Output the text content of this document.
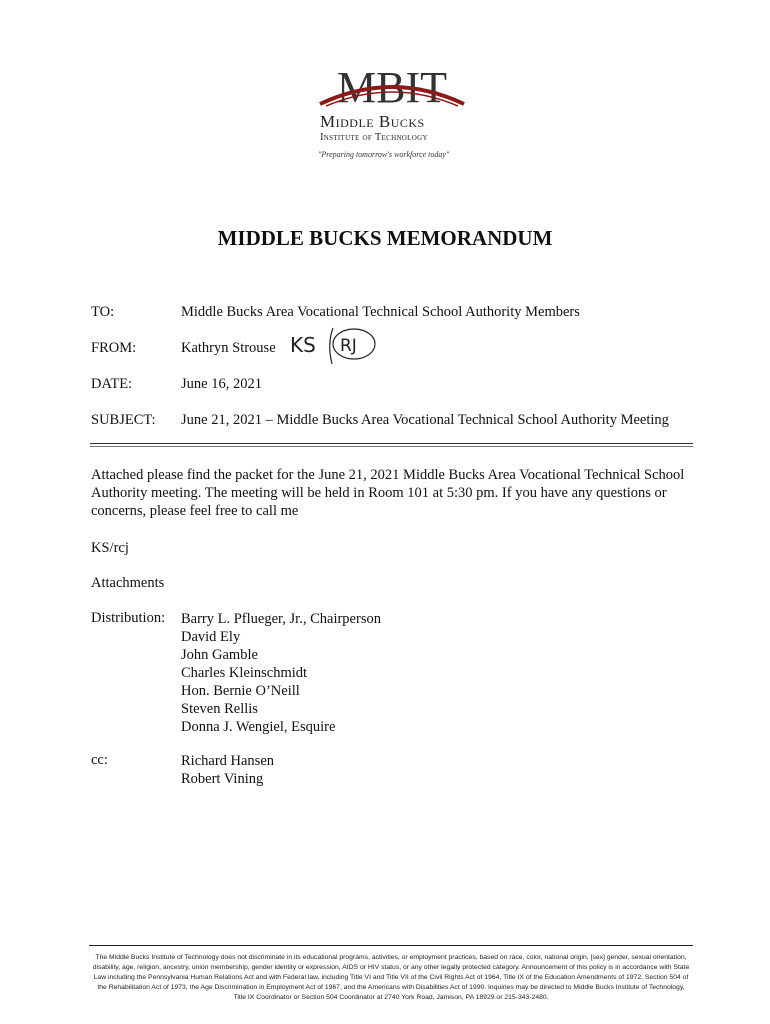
MBIT
Middle Bucks
Institute of Technology
"Preparing tomorrow's workforce today"
MIDDLE BUCKS MEMORANDUM
TO:	Middle Bucks Area Vocational Technical School Authority Members
FROM:	Kathryn Strouse KS RJ
DATE:	June 16, 2021
SUBJECT: June 21, 2021 – Middle Bucks Area Vocational Technical School Authority Meeting
Attached please find the packet for the June 21, 2021 Middle Bucks Area Vocational Technical School Authority meeting. The meeting will be held in Room 101 at 5:30 pm. If you have any questions or concerns, please feel free to call me
KS/rcj
Attachments
Distribution: Barry L. Pflueger, Jr., Chairperson
David Ely
John Gamble
Charles Kleinschmidt
Hon. Bernie O’Neill
Steven Rellis
Donna J. Wengiel, Esquire
cc:	Richard Hansen
Robert Vining
The Middle Bucks Institute of Technology does not discriminate in its educational programs, activities, or employment practices, based on race, color, national origin, [sex] gender, sexual orientation, disability, age, religion, ancestry, union membership, gender identity or expression, AIDS or HIV status, or any other legally protected category. Announcement of this policy is in accordance with State Law including the Pennsylvania Human Relations Act and with Federal law, including Title VI and Title VII of the Civil Rights Act of 1964, Title IX of the Education Amendments of 1972, Section 504 of the Rehabilitation Act of 1973, the Age Discrimination in Employment Act of 1967, and the Americans with Disabilities Act of 1990. Inquiries may be directed to Middle Bucks Institute of Technology, Title IX Coordinator or Section 504 Coordinator at 2740 York Road, Jamison, PA 18929 or 215-343-2480.
